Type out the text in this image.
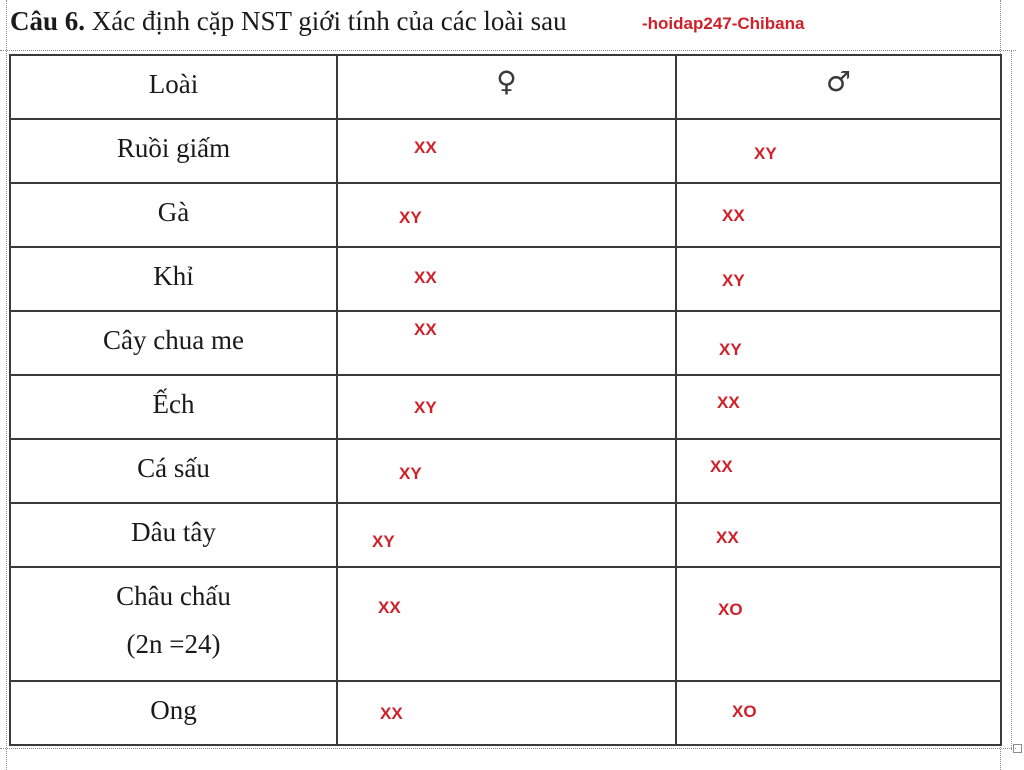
Câu 6. Xác định cặp NST giới tính của các loài sau	-hoidap247-Chibana
Loài	♀	♂

Ruồi giấm	XX	XY

Gà	XY	XX

Khỉ	XX	XY

Cây chua me	XX	XY

Ếch	XY	XX

Cá sấu	XY	XX

Dâu tây	XY	XX

Châu chấu
(2n =24)	XX	XO

Ong	XX	XO
